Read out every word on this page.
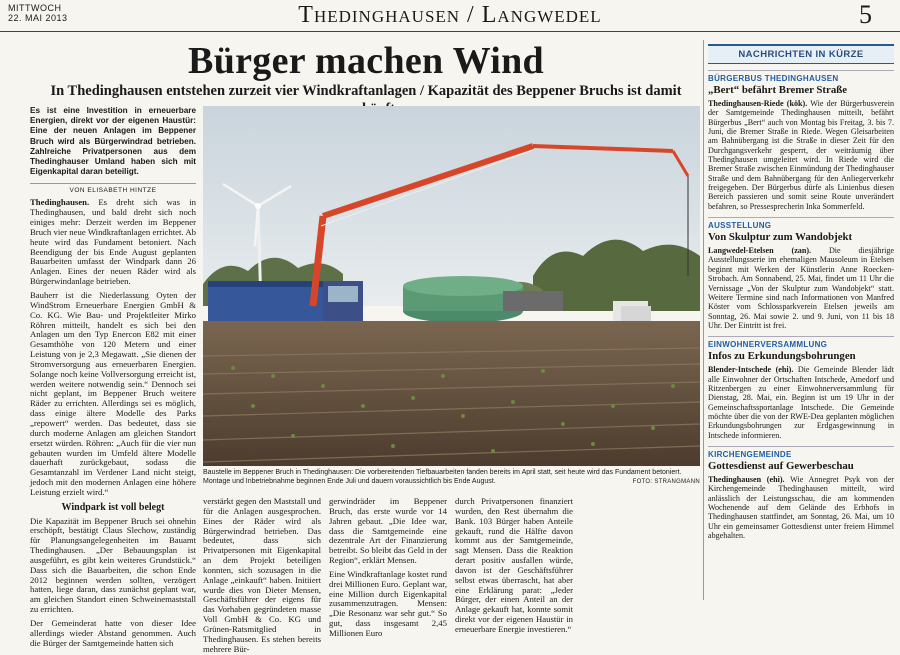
MITTWOCH
22. MAI 2013	Thedinghausen / Langwedel	5
Bürger machen Wind
In Thedinghausen entstehen zurzeit vier Windkraftanlagen / Kapazität des Beppener Bruchs ist damit
Es ist eine Investition in erneuerbare Energien, direkt vor der eigenen Haustür: Eine der neuen Anlagen im Beppener Bruch wird als Bürgerwindrad betrieben. Zahlreiche Privatpersonen aus dem Thedinghauser Umland haben sich mit Eigenkapital daran beteiligt.
VON ELISABETH HINTZE

Thedinghausen. Es dreht sich was in Thedinghausen, und bald dreht sich noch einiges mehr: Derzeit werden im Beppener Bruch vier neue Windkraftanlagen errichtet. Ab heute wird das Fundament betoniert. Nach Beendigung der bis Ende August geplanten Bauarbeiten umfasst der Windpark dann 26 Anlagen. Eines der neuen Räder wird als Bürgerwindanlage betrieben.

Bauherr ist die Niederlassung Oyten der WindStrom Erneuerbare Energien GmbH & Co. KG. Wie Bau- und Projektleiter Mirko Röhren mitteilt, handelt es sich bei den Anlagen um den Typ Enercon E82 mit einer Gesamthöhe von 120 Metern und einer Leistung von je 2,3 Megawatt. „Sie dienen der Stromversorgung aus erneuerbaren Energien. Solange noch keine Vollversorgung erreicht ist, werden weitere notwendig sein.“ Dennoch sei nicht geplant, im Beppener Bruch weitere Räder zu errichten. Allerdings sei es möglich, dass einige ältere Modelle des Parks „repowert“ werden. Das bedeutet, dass sie durch moderne Anlagen am gleichen Standort ersetzt würden. Röhren: „Auch für die vier nun gebauten wurden im Umfeld ältere Modelle dauerhaft zurückgebaut, sodass die Gesamtanzahl im Verdener Land nicht steigt, jedoch mit den modernen Anlagen eine höhere Leistung erzielt wird.“

Windpark ist voll belegt

Die Kapazität im Beppener Bruch sei ohnehin erschöpft, bestätigt Claus Slechow, zuständig für Planungsangelegenheiten im Bauamt Thedinghausen. „Der Bebauungsplan ist ausgeführt, es gibt kein weiteres Grundstück.“ Dass sich die Bauarbeiten, die schon Ende 2012 beginnen werden sollten, verzögert hatten, liege daran, dass zunächst geplant war, am gleichen Standort einen Schweinemaststall zu errichten.

Der Gemeinderat hatte von dieser Idee allerdings wieder Abstand genommen. Auch die Bürger der Samtgemeinde hatten sich

Baustelle im Beppener Bruch in Thedinghausen: Die vorbereitenden Tiefbauarbeiten fanden bereits im April statt, seit heute wird das Fundament betoniert. Montage und Inbetriebnahme beginnen Ende Juli und dauern voraussichtlich bis Ende August.	FOTO: STRANGMANN

verstärkt gegen den Maststall und für die Anlagen ausgesprochen. Eines der Räder wird als Bürgerwindrad betrieben. Das bedeutet, dass sich Privatpersonen mit Eigenkapital an dem Projekt beteiligen konnten, sich sozusagen in die Anlage „einkauft“ haben. Initiiert wurde dies von Dieter Mensen, Geschäftsführer der eigens für das Vorhaben gegründeten masse Voll GmbH & Co. KG und Grünen-Ratsmitglied in Thedinghausen. Es stehen bereits mehrere Bür-

gerwindräder im Beppener Bruch, das erste wurde vor 14 Jahren gebaut. „Die Idee war, dass die Samtgemeinde eine dezentrale Art der Finanzierung betreibt. So bleibt das Geld in der Region“, erklärt Mensen.

Eine Windkraftanlage kostet rund drei Millionen Euro. Geplant war, eine Million durch Eigenkapital zusammenzutragen. Mensen: „Die Resonanz war sehr gut.“ So gut, dass insgesamt 2,45 Millionen Euro

durch Privatpersonen finanziert wurden, den Rest übernahm die Bank. 103 Bürger haben Anteile gekauft, rund die Hälfte davon kommt aus der Samtgemeinde, sagt Mensen. Dass die Reaktion derart positiv ausfallen würde, davon ist der Geschäftsführer selbst etwas überrascht, hat aber eine Erklärung parat: „Jeder Bürger, der einen Anteil an der Anlage gekauft hat, konnte somit direkt vor der eigenen Haustür in erneuerbare Energie investieren.“

NACHRICHTEN IN KÜRZE
BÜRGERBUS THEDINGHAUSEN
„Bert“ befährt Bremer Straße
Thedinghausen-Riede (kök). Wie der Bürgerbusverein der Samtgemeinde Thedinghausen mitteilt, befährt Bürgerbus „Bert“ auch von Montag bis Freitag, 3. bis 7. Juni, die Bremer Straße in Riede. Wegen Gleisarbeiten am Bahnübergang ist die Straße in dieser Zeit für den Durchgangsverkehr gesperrt, der weiträumig über Thedinghausen umgeleitet wird. In Riede wird die Bremer Straße zwischen Einmündung der Thedinghauser Straße und dem Bahnübergang für den Anliegerverkehr freigegeben. Der Bürgerbus dürfe als Linienbus diesen Bereich passieren und somit seine Route unverändert befahren, so Pressesprecherin Inka Sommerfeld.
AUSSTELLUNG
Von Skulptur zum Wandobjekt
Langwedel-Etelsen (zan). Die diesjährige Ausstellungsserie im ehemaligen Mausoleum in Etelsen beginnt mit Werken der Künstlerin Anne Roecken-Strobach. Am Sonnabend, 25. Mai, findet um 11 Uhr die Vernissage „Von der Skulptur zum Wandobjekt“ statt. Weitere Termine sind nach Informationen von Manfred Köster vom Schlossparkverein Etelsen jeweils am Sonntag, 26. Mai sowie 2. und 9. Juni, von 11 bis 18 Uhr. Der Eintritt ist frei.
EINWOHNERVERSAMMLUNG
Infos zu Erkundungsbohrungen
Blender-Intschede (ehi). Die Gemeinde Blender lädt alle Einwohner der Ortschaften Intschede, Amedorf und Ritzenbergen zu einer Einwohnerversammlung für Dienstag, 28. Mai, ein. Beginn ist um 19 Uhr in der Gemeinschaftssportanlage Intschede. Die Gemeinde möchte über die von der RWE-Dea geplanten möglichen Erkundungsbohrungen zur Erdgasgewinnung in Intschede informieren.
KIRCHENGEMEINDE
Gottesdienst auf Gewerbeschau
Thedinghausen (ehi). Wie Annegret Psyk von der Kirchengemeinde Thedinghausen mitteilt, wird anlässlich der Leistungsschau, die am kommenden Wochenende auf dem Gelände des Erbhofs in Thedinghausen stattfindet, am Sonntag, 26. Mai, um 10 Uhr ein gemeinsamer Gottesdienst unter freiem Himmel abgehalten.
